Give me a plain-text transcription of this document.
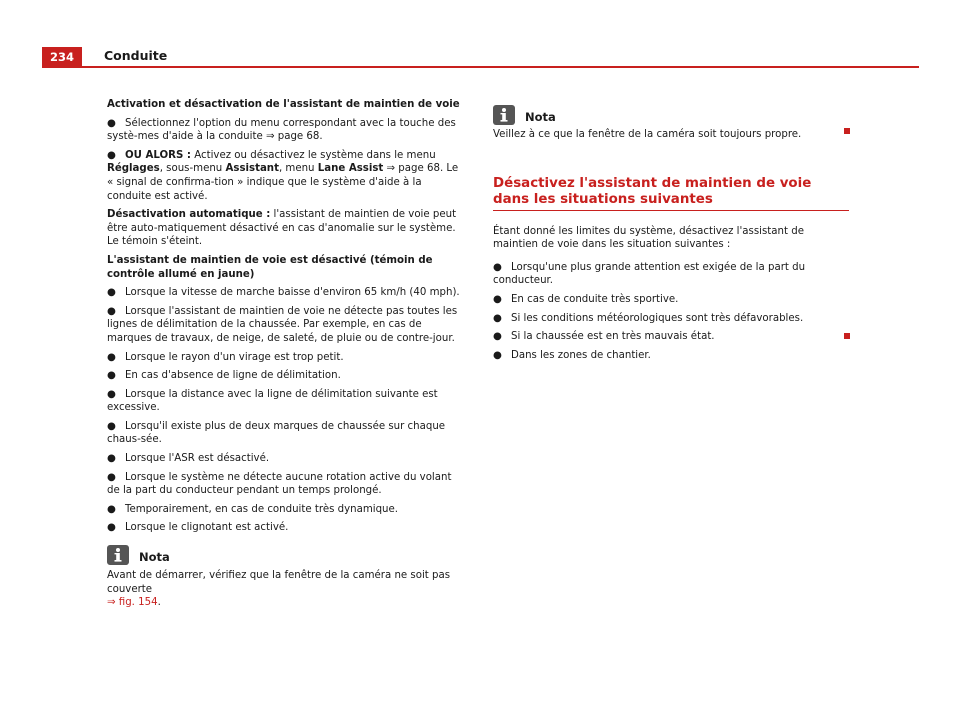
234	Conduite

Activation et désactivation de l'assistant de maintien de voie

● Sélectionnez l'option du menu correspondant avec la touche des systè-mes d'aide à la conduite ⇒ page 68.

● OU ALORS : Activez ou désactivez le système dans le menu Réglages, sous-menu Assistant, menu Lane Assist ⇒ page 68. Le « signal de confirma-tion » indique que le système d'aide à la conduite est activé.

Désactivation automatique : l'assistant de maintien de voie peut être auto-matiquement désactivé en cas d'anomalie sur le système. Le témoin s'éteint.

L'assistant de maintien de voie est désactivé (témoin de contrôle allumé en jaune)

● Lorsque la vitesse de marche baisse d'environ 65 km/h (40 mph).

● Lorsque l'assistant de maintien de voie ne détecte pas toutes les lignes de délimitation de la chaussée. Par exemple, en cas de marques de travaux, de neige, de saleté, de pluie ou de contre-jour.

● Lorsque le rayon d'un virage est trop petit.

● En cas d'absence de ligne de délimitation.

● Lorsque la distance avec la ligne de délimitation suivante est excessive.

● Lorsqu'il existe plus de deux marques de chaussée sur chaque chaus-sée.

● Lorsque l'ASR est désactivé.

● Lorsque le système ne détecte aucune rotation active du volant de la part du conducteur pendant un temps prolongé.

● Temporairement, en cas de conduite très dynamique.

● Lorsque le clignotant est activé.

Nota

Avant de démarrer, vérifiez que la fenêtre de la caméra ne soit pas couverte
⇒ fig. 154.

Nota

Veillez à ce que la fenêtre de la caméra soit toujours propre.

Désactivez l'assistant de maintien de voie dans les situations suivantes

Étant donné les limites du système, désactivez l'assistant de maintien de voie dans les situation suivantes :

● Lorsqu'une plus grande attention est exigée de la part du conducteur.

● En cas de conduite très sportive.

● Si les conditions météorologiques sont très défavorables.

● Si la chaussée est en très mauvais état.

● Dans les zones de chantier.
